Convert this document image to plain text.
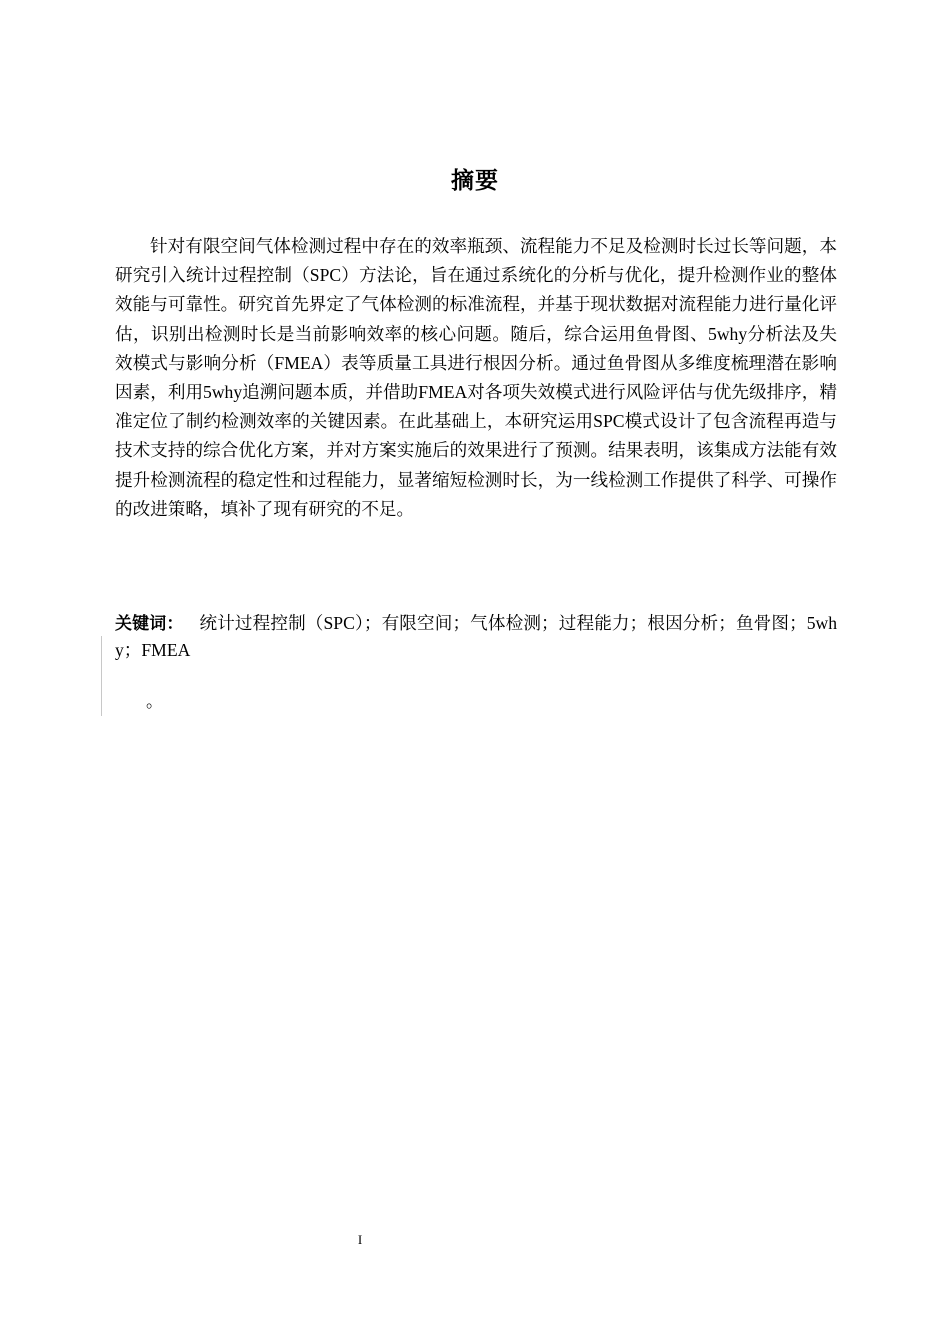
摘要

针对有限空间气体检测过程中存在的效率瓶颈、流程能力不足及检测时长过长等问题，本研究引入统计过程控制（SPC）方法论，旨在通过系统化的分析与优化，提升检测作业的整体效能与可靠性。研究首先界定了气体检测的标准流程，并基于现状数据对流程能力进行量化评估，识别出检测时长是当前影响效率的核心问题。随后，综合运用鱼骨图、5why分析法及失效模式与影响分析（FMEA）表等质量工具进行根因分析。通过鱼骨图从多维度梳理潜在影响因素，利用5why追溯问题本质，并借助FMEA对各项失效模式进行风险评估与优先级排序，精准定位了制约检测效率的关键因素。在此基础上，本研究运用SPC模式设计了包含流程再造与技术支持的综合优化方案，并对方案实施后的效果进行了预测。结果表明，该集成方法能有效提升检测流程的稳定性和过程能力，显著缩短检测时长，为一线检测工作提供了科学、可操作的改进策略，填补了现有研究的不足。

关键词： 统计过程控制（SPC）；有限空间；气体检测；过程能力；根因分析；鱼骨图；5why；FMEA

。
I
